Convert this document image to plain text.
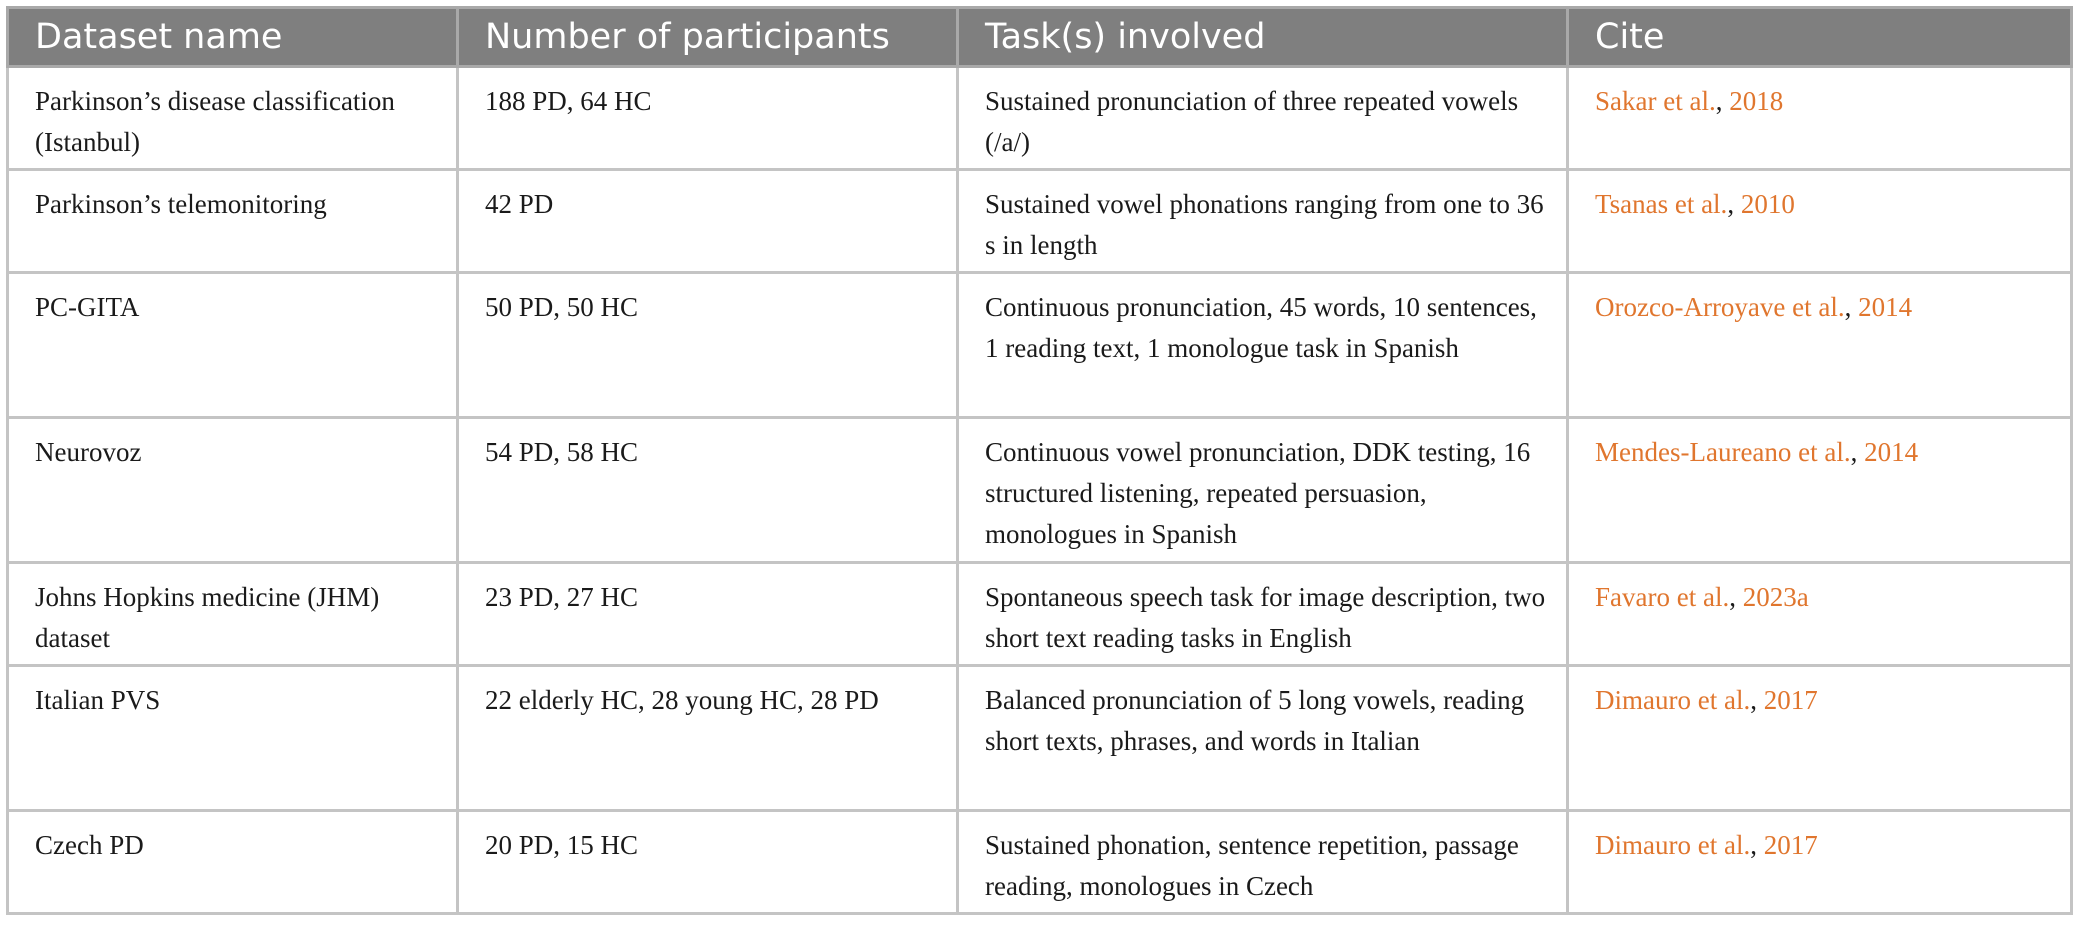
Dataset name	Number of participants	Task(s) involved	Cite
Parkinson’s disease classification (Istanbul)	188 PD, 64 HC	Sustained pronunciation of three repeated vowels (/a/)	Sakar et al., 2018
Parkinson’s telemonitoring	42 PD	Sustained vowel phonations ranging from one to 36 s in length	Tsanas et al., 2010
PC-GITA	50 PD, 50 HC	Continuous pronunciation, 45 words, 10 sentences, 1 reading text, 1 monologue task in Spanish	Orozco-Arroyave et al., 2014
Neurovoz	54 PD, 58 HC	Continuous vowel pronunciation, DDK testing, 16 structured listening, repeated persuasion, monologues in Spanish	Mendes-Laureano et al., 2014
Johns Hopkins medicine (JHM) dataset	23 PD, 27 HC	Spontaneous speech task for image description, two short text reading tasks in English	Favaro et al., 2023a
Italian PVS	22 elderly HC, 28 young HC, 28 PD	Balanced pronunciation of 5 long vowels, reading short texts, phrases, and words in Italian	Dimauro et al., 2017
Czech PD	20 PD, 15 HC	Sustained phonation, sentence repetition, passage reading, monologues in Czech	Dimauro et al., 2017
